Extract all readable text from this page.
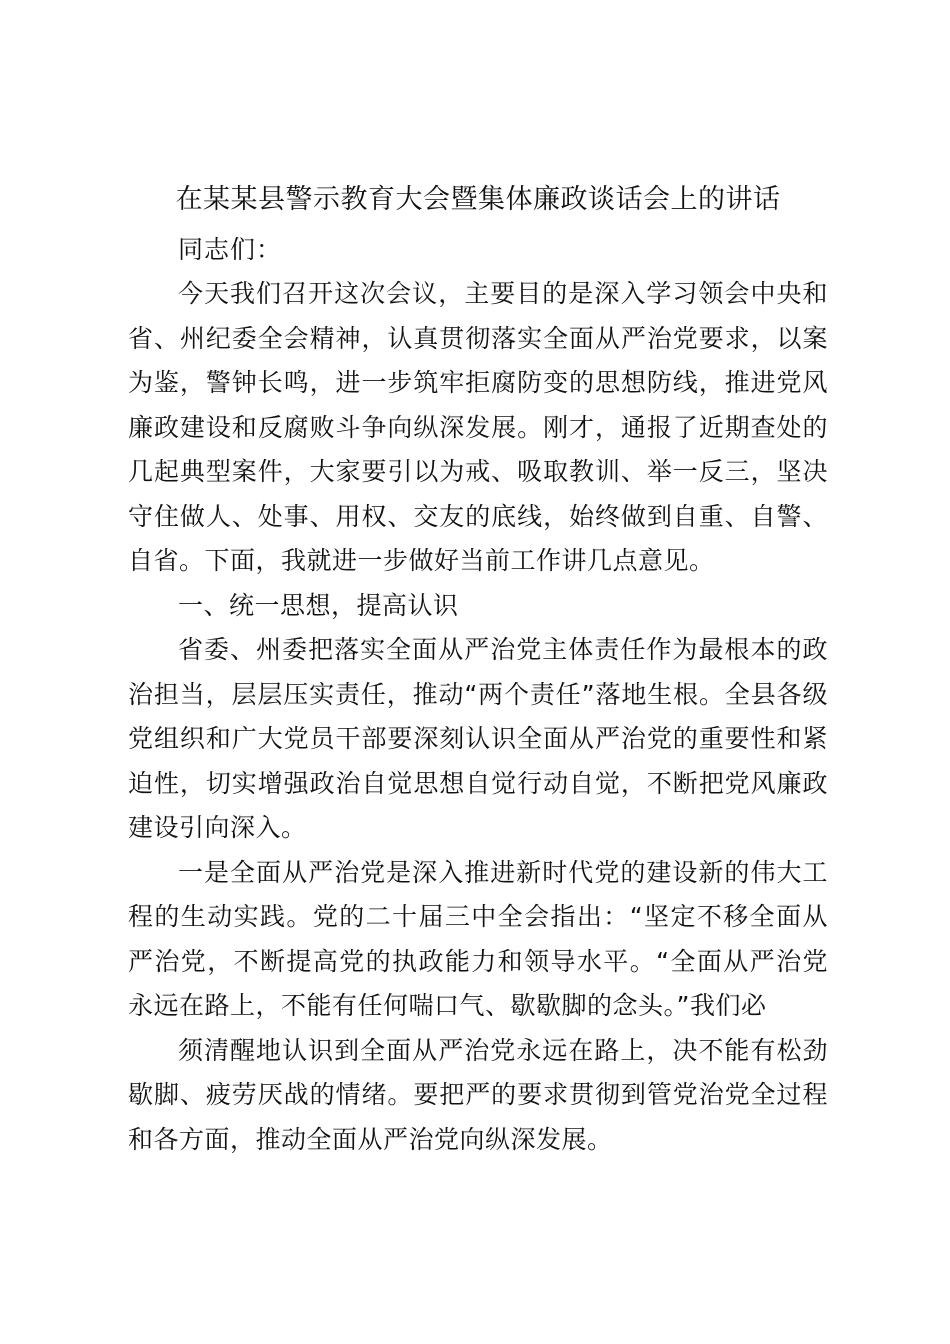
在某某县警示教育大会暨集体廉政谈话会上的讲话
同志们：

今天我们召开这次会议，主要目的是深入学习领会中央和省、州纪委全会精神，认真贯彻落实全面从严治党要求，以案为鉴，警钟长鸣，进一步筑牢拒腐防变的思想防线，推进党风廉政建设和反腐败斗争向纵深发展。刚才，通报了近期查处的几起典型案件，大家要引以为戒、吸取教训、举一反三，坚决守住做人、处事、用权、交友的底线，始终做到自重、自警、自省。下面，我就进一步做好当前工作讲几点意见。

一、统一思想，提高认识

省委、州委把落实全面从严治党主体责任作为最根本的政治担当，层层压实责任，推动“两个责任”落地生根。全县各级党组织和广大党员干部要深刻认识全面从严治党的重要性和紧迫性，切实增强政治自觉思想自觉行动自觉，不断把党风廉政建设引向深入。

一是全面从严治党是深入推进新时代党的建设新的伟大工程的生动实践。党的二十届三中全会指出：“坚定不移全面从严治党，不断提高党的执政能力和领导水平。“全面从严治党永远在路上，不能有任何喘口气、歇歇脚的念头。”我们必

须清醒地认识到全面从严治党永远在路上，决不能有松劲歇脚、疲劳厌战的情绪。要把严的要求贯彻到管党治党全过程和各方面，推动全面从严治党向纵深发展。
